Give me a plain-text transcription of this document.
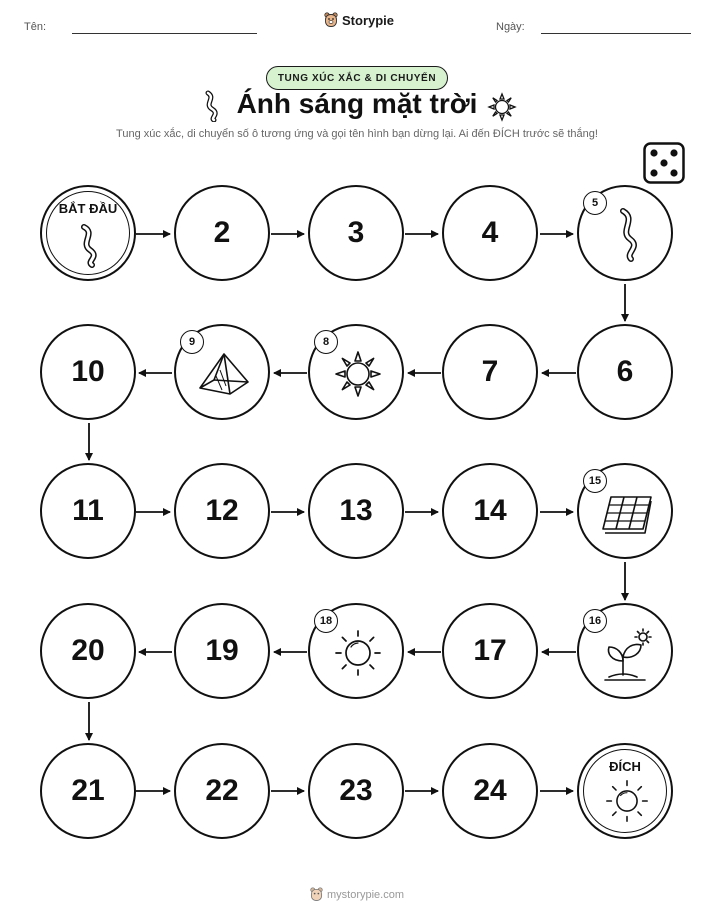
Tên:	Storypie	Ngày:
TUNG XÚC XẮC & DI CHUYỂN
Ánh sáng mặt trời
Tung xúc xắc, di chuyển số ô tương ứng và gọi tên hình bạn dừng lại. Ai đến ĐÍCH trước sẽ thắng!
BẮT ĐẦU
2	3	4
5
10
9	8
7	6
11	12	13	14
15
20	19
18
17
16
21	22	23	24
ĐÍCH
mystorypie.com
